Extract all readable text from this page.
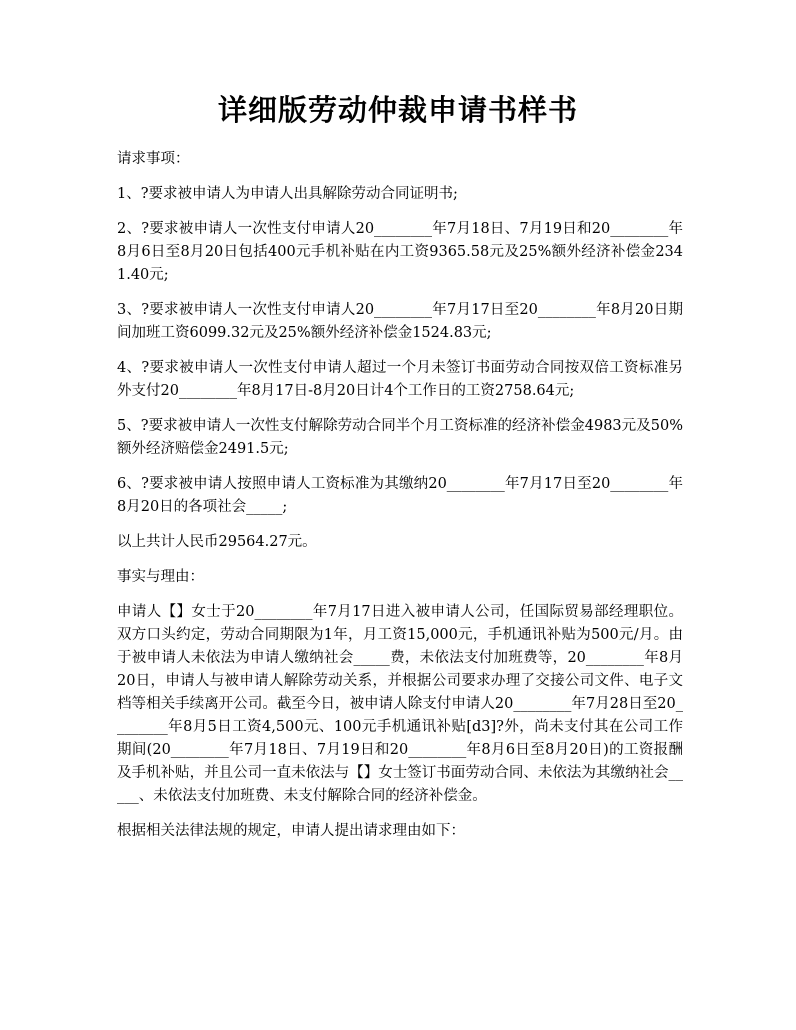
详细版劳动仲裁申请书样书

请求事项：

1、?要求被申请人为申请人出具解除劳动合同证明书;

2、?要求被申请人一次性支付申请人20________年7月18日、7月19日和20________年8月6日至8月20日包括400元手机补贴在内工资9365.58元及25%额外经济补偿金2341.40元;

3、?要求被申请人一次性支付申请人20________年7月17日至20________年8月20日期间加班工资6099.32元及25%额外经济补偿金1524.83元;

4、?要求被申请人一次性支付申请人超过一个月未签订书面劳动合同按双倍工资标准另外支付20________年8月17日-8月20日计4个工作日的工资2758.64元;

5、?要求被申请人一次性支付解除劳动合同半个月工资标准的经济补偿金4983元及50%额外经济赔偿金2491.5元;

6、?要求被申请人按照申请人工资标准为其缴纳20________年7月17日至20________年8月20日的各项社会_____;

以上共计人民币29564.27元。

事实与理由：

申请人【】女士于20________年7月17日进入被申请人公司，任国际贸易部经理职位。双方口头约定，劳动合同期限为1年，月工资15,000元，手机通讯补贴为500元/月。由于被申请人未依法为申请人缴纳社会_____费，未依法支付加班费等，20________年8月20日，申请人与被申请人解除劳动关系，并根据公司要求办理了交接公司文件、电子文档等相关手续离开公司。截至今日，被申请人除支付申请人20________年7月28日至20________年8月5日工资4,500元、100元手机通讯补贴[d3]?外，尚未支付其在公司工作期间(20________年7月18日、7月19日和20________年8月6日至8月20日)的工资报酬及手机补贴，并且公司一直未依法与【】女士签订书面劳动合同、未依法为其缴纳社会_____、未依法支付加班费、未支付解除合同的经济补偿金。

根据相关法律法规的规定，申请人提出请求理由如下：
